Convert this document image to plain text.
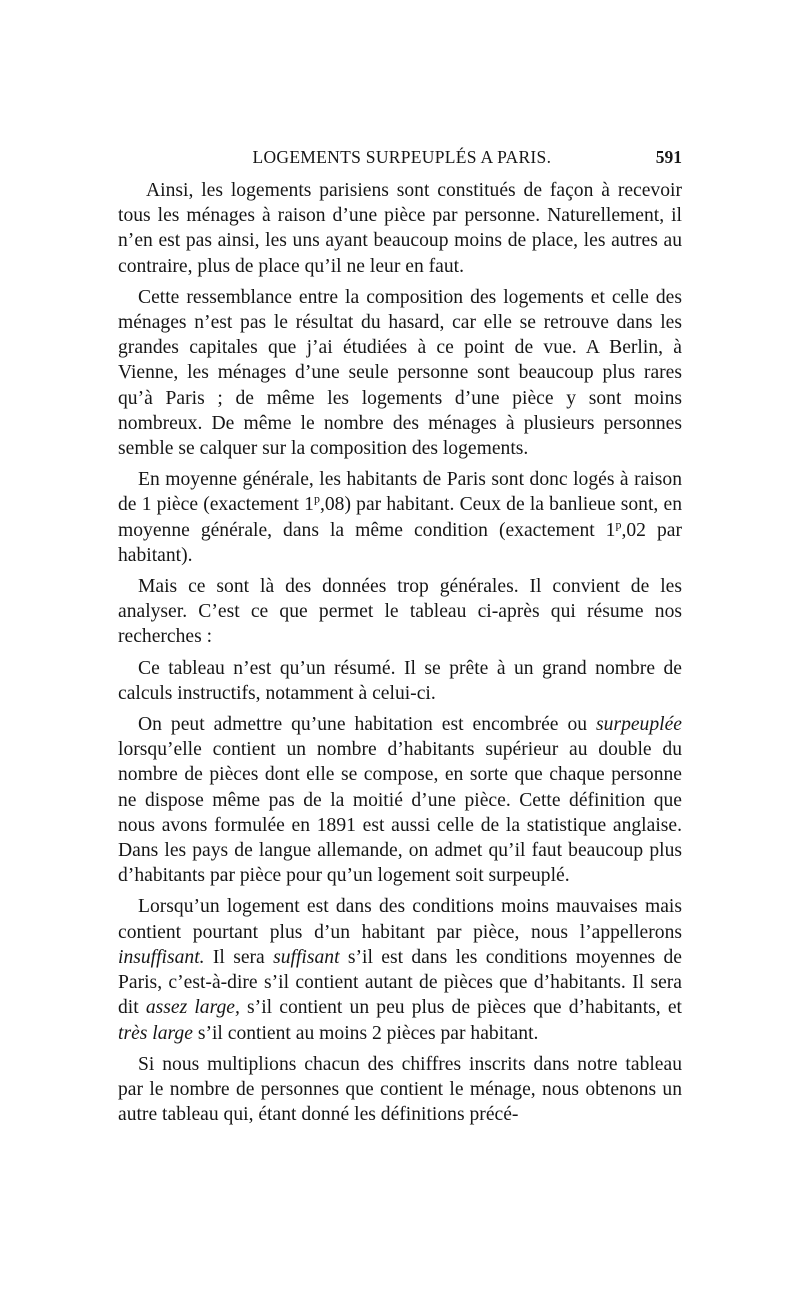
LOGEMENTS SURPEUPLÉS A PARIS.	591

Ainsi, les logements parisiens sont constitués de façon à recevoir tous les ménages à raison d’une pièce par personne. Naturellement, il n’en est pas ainsi, les uns ayant beaucoup moins de place, les autres au contraire, plus de place qu’il ne leur en faut.

Cette ressemblance entre la composition des logements et celle des ménages n’est pas le résultat du hasard, car elle se retrouve dans les grandes capitales que j’ai étudiées à ce point de vue. A Berlin, à Vienne, les ménages d’une seule personne sont beaucoup plus rares qu’à Paris ; de même les logements d’une pièce y sont moins nombreux. De même le nombre des ménages à plusieurs personnes semble se calquer sur la composition des logements.

En moyenne générale, les habitants de Paris sont donc logés à raison de 1 pièce (exactement 1$^p$,08) par habitant. Ceux de la banlieue sont, en moyenne générale, dans la même condition (exactement 1$^p$,02 par habitant).

Mais ce sont là des données trop générales. Il convient de les analyser. C’est ce que permet le tableau ci-après qui résume nos recherches :

Ce tableau n’est qu’un résumé. Il se prête à un grand nombre de calculs instructifs, notamment à celui-ci.

On peut admettre qu’une habitation est encombrée ou surpeuplée lorsqu’elle contient un nombre d’habitants supérieur au double du nombre de pièces dont elle se compose, en sorte que chaque personne ne dispose même pas de la moitié d’une pièce. Cette définition que nous avons formulée en 1891 est aussi celle de la statistique anglaise. Dans les pays de langue allemande, on admet qu’il faut beaucoup plus d’habitants par pièce pour qu’un logement soit surpeuplé.

Lorsqu’un logement est dans des conditions moins mauvaises mais contient pourtant plus d’un habitant par pièce, nous l’appellerons insuffisant. Il sera suffisant s’il est dans les conditions moyennes de Paris, c’est-à-dire s’il contient autant de pièces que d’habitants. Il sera dit assez large, s’il contient un peu plus de pièces que d’habitants, et très large s’il contient au moins 2 pièces par habitant.

Si nous multiplions chacun des chiffres inscrits dans notre tableau par le nombre de personnes que contient le ménage, nous obtenons un autre tableau qui, étant donné les définitions précé-
